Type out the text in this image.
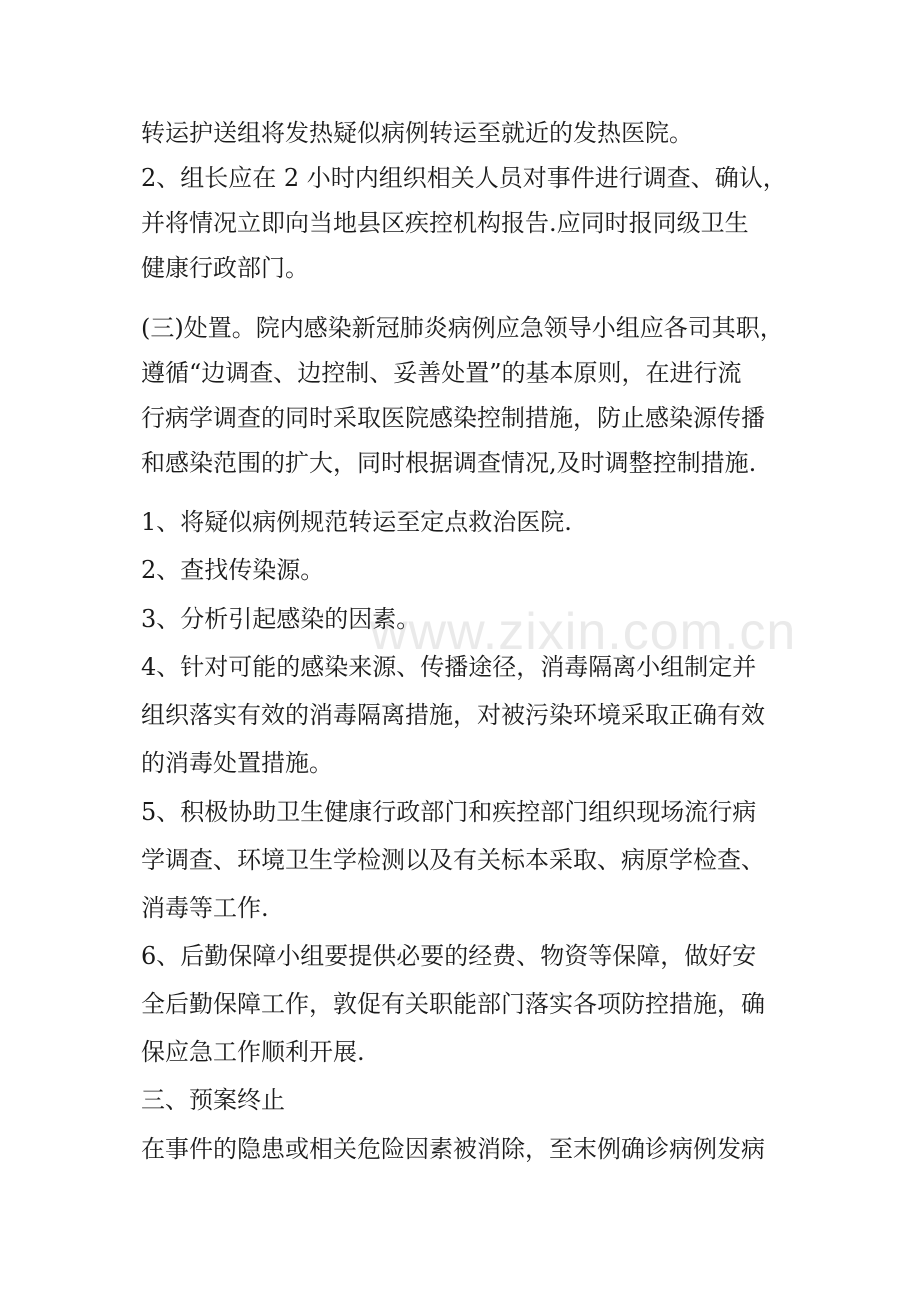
www.zixin.com.cn
转运护送组将发热疑似病例转运至就近的发热医院。
2、组长应在 2 小时内组织相关人员对事件进行调查、确认，
并将情况立即向当地县区疾控机构报告.应同时报同级卫生
健康行政部门。
(三)处置。院内感染新冠肺炎病例应急领导小组应各司其职，
遵循“边调查、边控制、妥善处置”的基本原则，在进行流
行病学调查的同时采取医院感染控制措施，防止感染源传播
和感染范围的扩大，同时根据调查情况,及时调整控制措施.
1、将疑似病例规范转运至定点救治医院.
2、查找传染源。
3、分析引起感染的因素。
4、针对可能的感染来源、传播途径，消毒隔离小组制定并
组织落实有效的消毒隔离措施，对被污染环境采取正确有效
的消毒处置措施。
5、积极协助卫生健康行政部门和疾控部门组织现场流行病
学调查、环境卫生学检测以及有关标本采取、病原学检查、
消毒等工作.
6、后勤保障小组要提供必要的经费、物资等保障，做好安
全后勤保障工作，敦促有关职能部门落实各项防控措施，确
保应急工作顺利开展.
三、预案终止
在事件的隐患或相关危险因素被消除，至末例确诊病例发病
